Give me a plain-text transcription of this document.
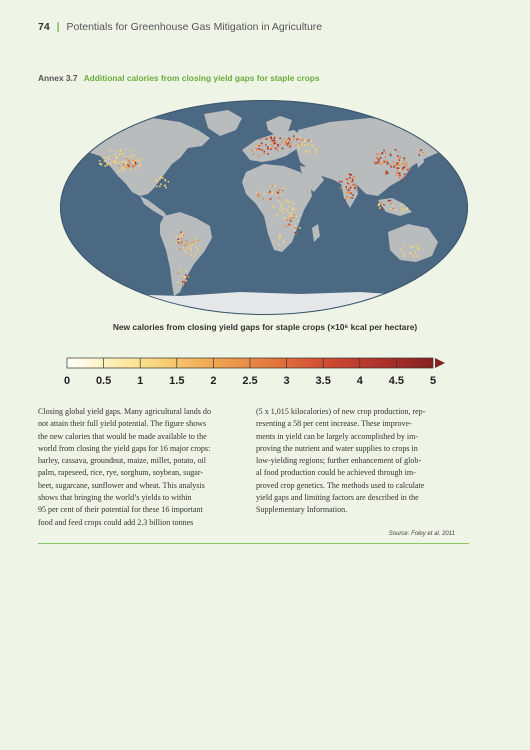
74 | Potentials for Greenhouse Gas Mitigation in Agriculture
Annex 3.7 Additional calories from closing yield gaps for staple crops
New calories from closing yield gaps for staple crops (×10⁶ kcal per hectare)
0 0.5 1 1.5 2 2.5 3 3.5 4 4.5 5
Closing global yield gaps. Many agricultural lands do
not attain their full yield potential. The figure shows
the new calories that would be made available to the
world from closing the yield gaps for 16 major crops:
barley, cassava, groundnut, maize, millet, potato, oil
palm, rapeseed, rice, rye, sorghum, soybean, sugar-
beet, sugarcane, sunflower and wheat. This analysis
shows that bringing the world’s yields to within
95 per cent of their potential for these 16 important
food and feed crops could add 2.3 billion tonnes
(5 x 1,015 kilocalories) of new crop production, rep-
resenting a 58 per cent increase. These improve-
ments in yield can be largely accomplished by im-
proving the nutrient and water supplies to crops in
low-yielding regions; further enhancement of glob-
al food production could be achieved through im-
proved crop genetics. The methods used to calculate
yield gaps and limiting factors are described in the
Supplementary Information.
Source: Foley et al. 2011
